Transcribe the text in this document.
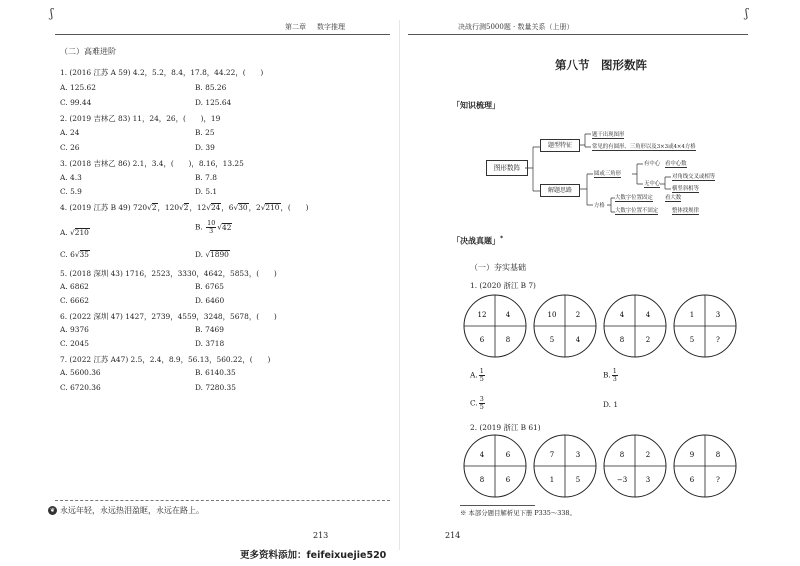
ʃ	ʃ
第二章 数字推理
（二）高难进阶
1. (2016 江苏 A 59) 4.2，5.2，8.4，17.8，44.22，(　　)
A. 125.62	B. 85.26
C. 99.44	D. 125.64
2. (2019 吉林乙 83) 11，24，26，(　　)，19
A. 24	B. 25
C. 26	D. 39
3. (2018 吉林乙 86) 2.1，3.4，(　　)，8.16，13.25
A. 4.3	B. 7.8
C. 5.9	D. 5.1
4. (2019 江苏 B 49) 720√2，120√2，12√24，6√30，2√210，(　　)
A. √210
B. $\frac{10}{3} √42$
C. 6√35	D. √1890
5. (2018 深圳 43) 1716，2523，3330，4642，5853，(　　)
A. 6862	B. 6765
C. 6662	D. 6460
6. (2022 深圳 47) 1427，2739，4559，3248，5678，(　　)
A. 9376	B. 7469
C. 2045	D. 3718
7. (2022 江苏 A47) 2.5，2.4，8.9，56.13，560.22，(　　)
A. 5600.36	B. 6140.35
C. 6720.36	D. 7280.35
❦ 永远年轻，永远热泪盈眶，永远在路上。
213
更多资料添加：feifeixuejie520
决战行测5000题 · 数量关系（上册）
第八节　图形数阵
「知识梳理」
图形数阵
题型特征
解题思路
题干出现图形
常见的有圆形、三角形以及3×3或4×4方格
圆或三角形
有中心 看中心数
无中心
对角线交叉或相等
横竖斜相等
方格
大数字位置固定 看大数
大数字位置不固定	整体找规律
「决战真题」*
（一）夯实基础
1. (2020 浙江 B 7)
12	4
6	8
10	2
5	4
4	4
8	2
1	3
5	?
A. $\frac{1}{5}$	B. $\frac{1}{3}$
C. $\frac{3}{5}$	D. 1
2. (2019 浙江 B 61)
4	6
8	6
7	3
1	5
8	2
−3	3
9	8
6	?
※ 本部分题目解析见下册 P335～338。
214
